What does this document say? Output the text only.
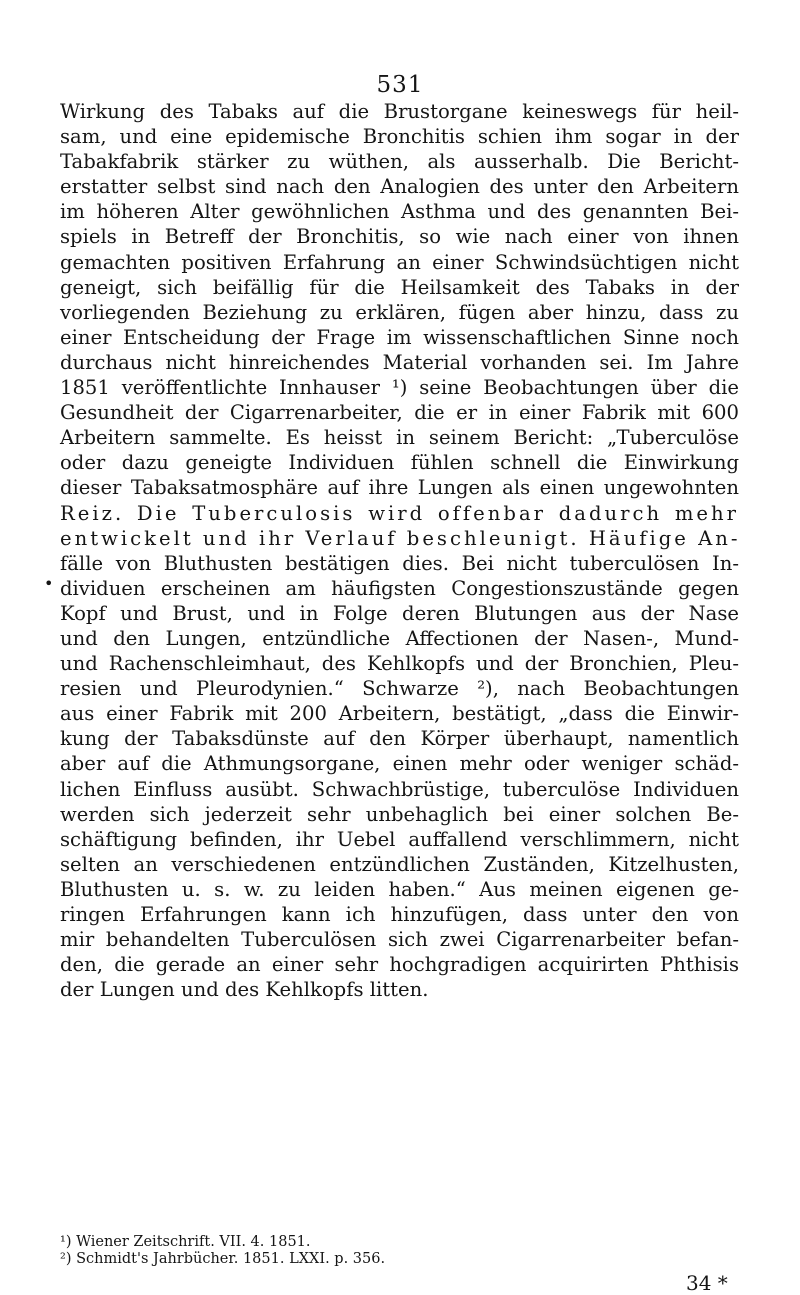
531
•
Wirkung des Tabaks auf die Brustorgane keineswegs für heil-
sam, und eine epidemische Bronchitis schien ihm sogar in der
Tabakfabrik stärker zu wüthen, als ausserhalb. Die Bericht-
erstatter selbst sind nach den Analogien des unter den Arbeitern
im höheren Alter gewöhnlichen Asthma und des genannten Bei-
spiels in Betreff der Bronchitis, so wie nach einer von ihnen
gemachten positiven Erfahrung an einer Schwindsüchtigen nicht
geneigt, sich beifällig für die Heilsamkeit des Tabaks in der
vorliegenden Beziehung zu erklären, fügen aber hinzu, dass zu
einer Entscheidung der Frage im wissenschaftlichen Sinne noch
durchaus nicht hinreichendes Material vorhanden sei. Im Jahre
1851 veröffentlichte Innhauser ¹) seine Beobachtungen über die
Gesundheit der Cigarrenarbeiter, die er in einer Fabrik mit 600
Arbeitern sammelte. Es heisst in seinem Bericht: „Tuberculöse
oder dazu geneigte Individuen fühlen schnell die Einwirkung
dieser Tabaksatmosphäre auf ihre Lungen als einen ungewohnten
Reiz. Die Tuberculosis wird offenbar dadurch mehr
entwickelt und ihr Verlauf beschleunigt. Häufige An-
fälle von Bluthusten bestätigen dies. Bei nicht tuberculösen In-
dividuen erscheinen am häufigsten Congestionszustände gegen
Kopf und Brust, und in Folge deren Blutungen aus der Nase
und den Lungen, entzündliche Affectionen der Nasen-, Mund-
und Rachenschleimhaut, des Kehlkopfs und der Bronchien, Pleu-
resien und Pleurodynien.“ Schwarze ²), nach Beobachtungen
aus einer Fabrik mit 200 Arbeitern, bestätigt, „dass die Einwir-
kung der Tabaksdünste auf den Körper überhaupt, namentlich
aber auf die Athmungsorgane, einen mehr oder weniger schäd-
lichen Einfluss ausübt. Schwachbrüstige, tuberculöse Individuen
werden sich jederzeit sehr unbehaglich bei einer solchen Be-
schäftigung befinden, ihr Uebel auffallend verschlimmern, nicht
selten an verschiedenen entzündlichen Zuständen, Kitzelhusten,
Bluthusten u. s. w. zu leiden haben.“ Aus meinen eigenen ge-
ringen Erfahrungen kann ich hinzufügen, dass unter den von
mir behandelten Tuberculösen sich zwei Cigarrenarbeiter befan-
den, die gerade an einer sehr hochgradigen acquirirten Phthisis
der Lungen und des Kehlkopfs litten.
¹) Wiener Zeitschrift. VII. 4. 1851.
²) Schmidt's Jahrbücher. 1851. LXXI. p. 356.
34 *
